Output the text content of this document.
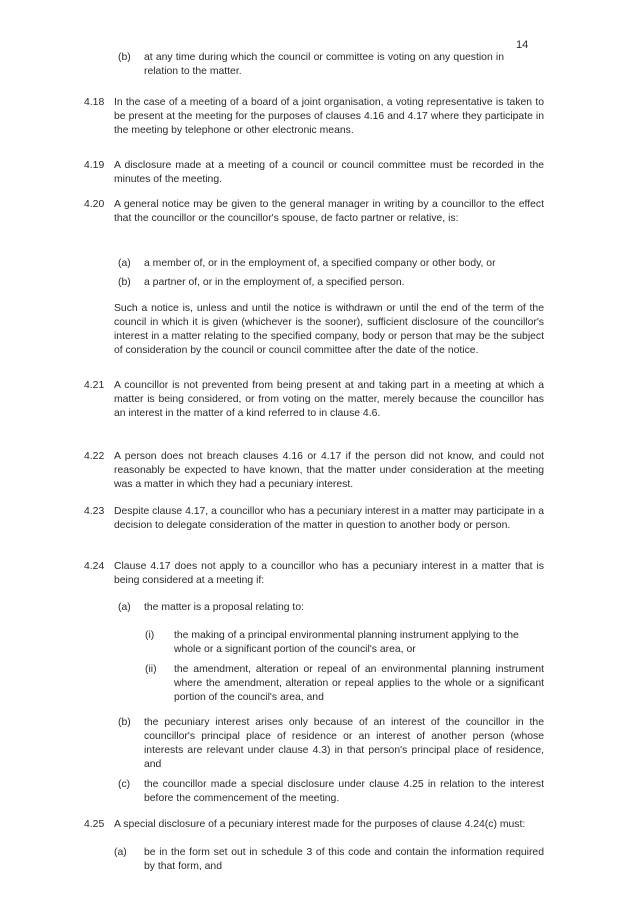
14
(b) at any time during which the council or committee is voting on any question in relation to the matter.

4.18 In the case of a meeting of a board of a joint organisation, a voting representative is taken to be present at the meeting for the purposes of clauses 4.16 and 4.17 where they participate in the meeting by telephone or other electronic means.

4.19 A disclosure made at a meeting of a council or council committee must be recorded in the minutes of the meeting.

4.20 A general notice may be given to the general manager in writing by a councillor to the effect that the councillor or the councillor's spouse, de facto partner or relative, is:

(a) a member of, or in the employment of, a specified company or other body, or

(b) a partner of, or in the employment of, a specified person.

Such a notice is, unless and until the notice is withdrawn or until the end of the term of the council in which it is given (whichever is the sooner), sufficient disclosure of the councillor's interest in a matter relating to the specified company, body or person that may be the subject of consideration by the council or council committee after the date of the notice.

4.21 A councillor is not prevented from being present at and taking part in a meeting at which a matter is being considered, or from voting on the matter, merely because the councillor has an interest in the matter of a kind referred to in clause 4.6.

4.22 A person does not breach clauses 4.16 or 4.17 if the person did not know, and could not reasonably be expected to have known, that the matter under consideration at the meeting was a matter in which they had a pecuniary interest.

4.23 Despite clause 4.17, a councillor who has a pecuniary interest in a matter may participate in a decision to delegate consideration of the matter in question to another body or person.

4.24 Clause 4.17 does not apply to a councillor who has a pecuniary interest in a matter that is being considered at a meeting if:

(a) the matter is a proposal relating to:

(i) the making of a principal environmental planning instrument applying to the whole or a significant portion of the council's area, or

(ii) the amendment, alteration or repeal of an environmental planning instrument where the amendment, alteration or repeal applies to the whole or a significant portion of the council's area, and

(b) the pecuniary interest arises only because of an interest of the councillor in the councillor's principal place of residence or an interest of another person (whose interests are relevant under clause 4.3) in that person's principal place of residence, and

(c) the councillor made a special disclosure under clause 4.25 in relation to the interest before the commencement of the meeting.

4.25 A special disclosure of a pecuniary interest made for the purposes of clause 4.24(c) must:

(a) be in the form set out in schedule 3 of this code and contain the information required by that form, and
